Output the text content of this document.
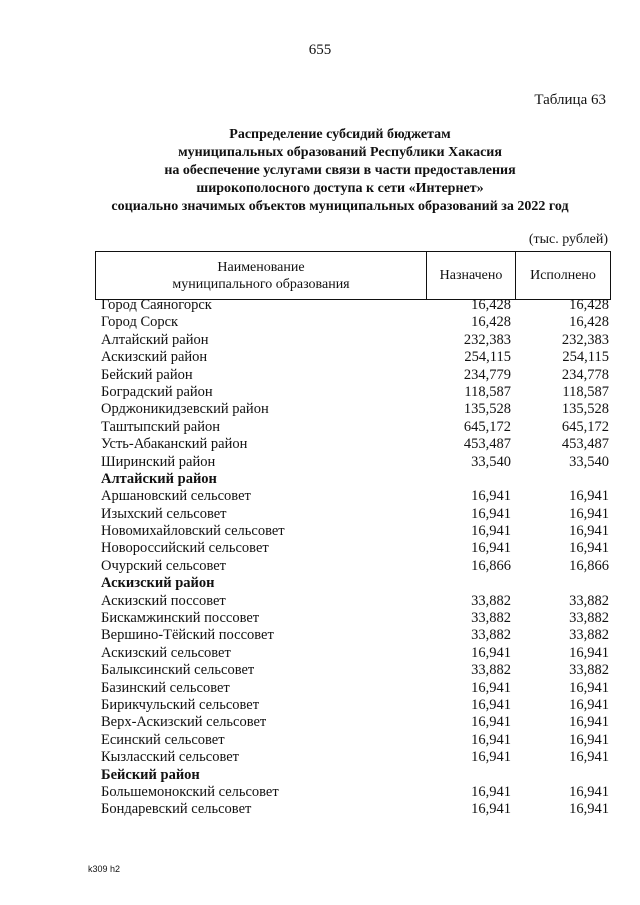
655
Таблица 63
Распределение субсидий бюджетам
муниципальных образований Республики Хакасия
на обеспечение услугами связи в части предоставления
широкополосного доступа к сети «Интернет»
социально значимых объектов муниципальных образований за 2022 год
(тыс. рублей)
Наименование
муниципального образования
Назначено	Исполнено
Город Саяногорск	16,428	16,428
Город Сорск	16,428	16,428
Алтайский район	232,383	232,383
Аскизский район	254,115	254,115
Бейский район	234,779	234,778
Боградский район	118,587	118,587
Орджоникидзевский район	135,528	135,528
Таштыпский район	645,172	645,172
Усть-Абаканский район	453,487	453,487
Ширинский район	33,540	33,540
Алтайский район
Аршановский сельсовет	16,941	16,941
Изыхский сельсовет	16,941	16,941
Новомихайловский сельсовет	16,941	16,941
Новороссийский сельсовет	16,941	16,941
Очурский сельсовет	16,866	16,866
Аскизский район
Аскизский поссовет	33,882	33,882
Бискамжинский поссовет	33,882	33,882
Вершино-Тёйский поссовет	33,882	33,882
Аскизский сельсовет	16,941	16,941
Балыксинский сельсовет	33,882	33,882
Базинский сельсовет	16,941	16,941
Бирикчульский сельсовет	16,941	16,941
Верх-Аскизский сельсовет	16,941	16,941
Есинский сельсовет	16,941	16,941
Кызласский сельсовет	16,941	16,941
Бейский район
Большемонокский сельсовет	16,941	16,941
Бондаревский сельсовет	16,941	16,941
k309 h2
